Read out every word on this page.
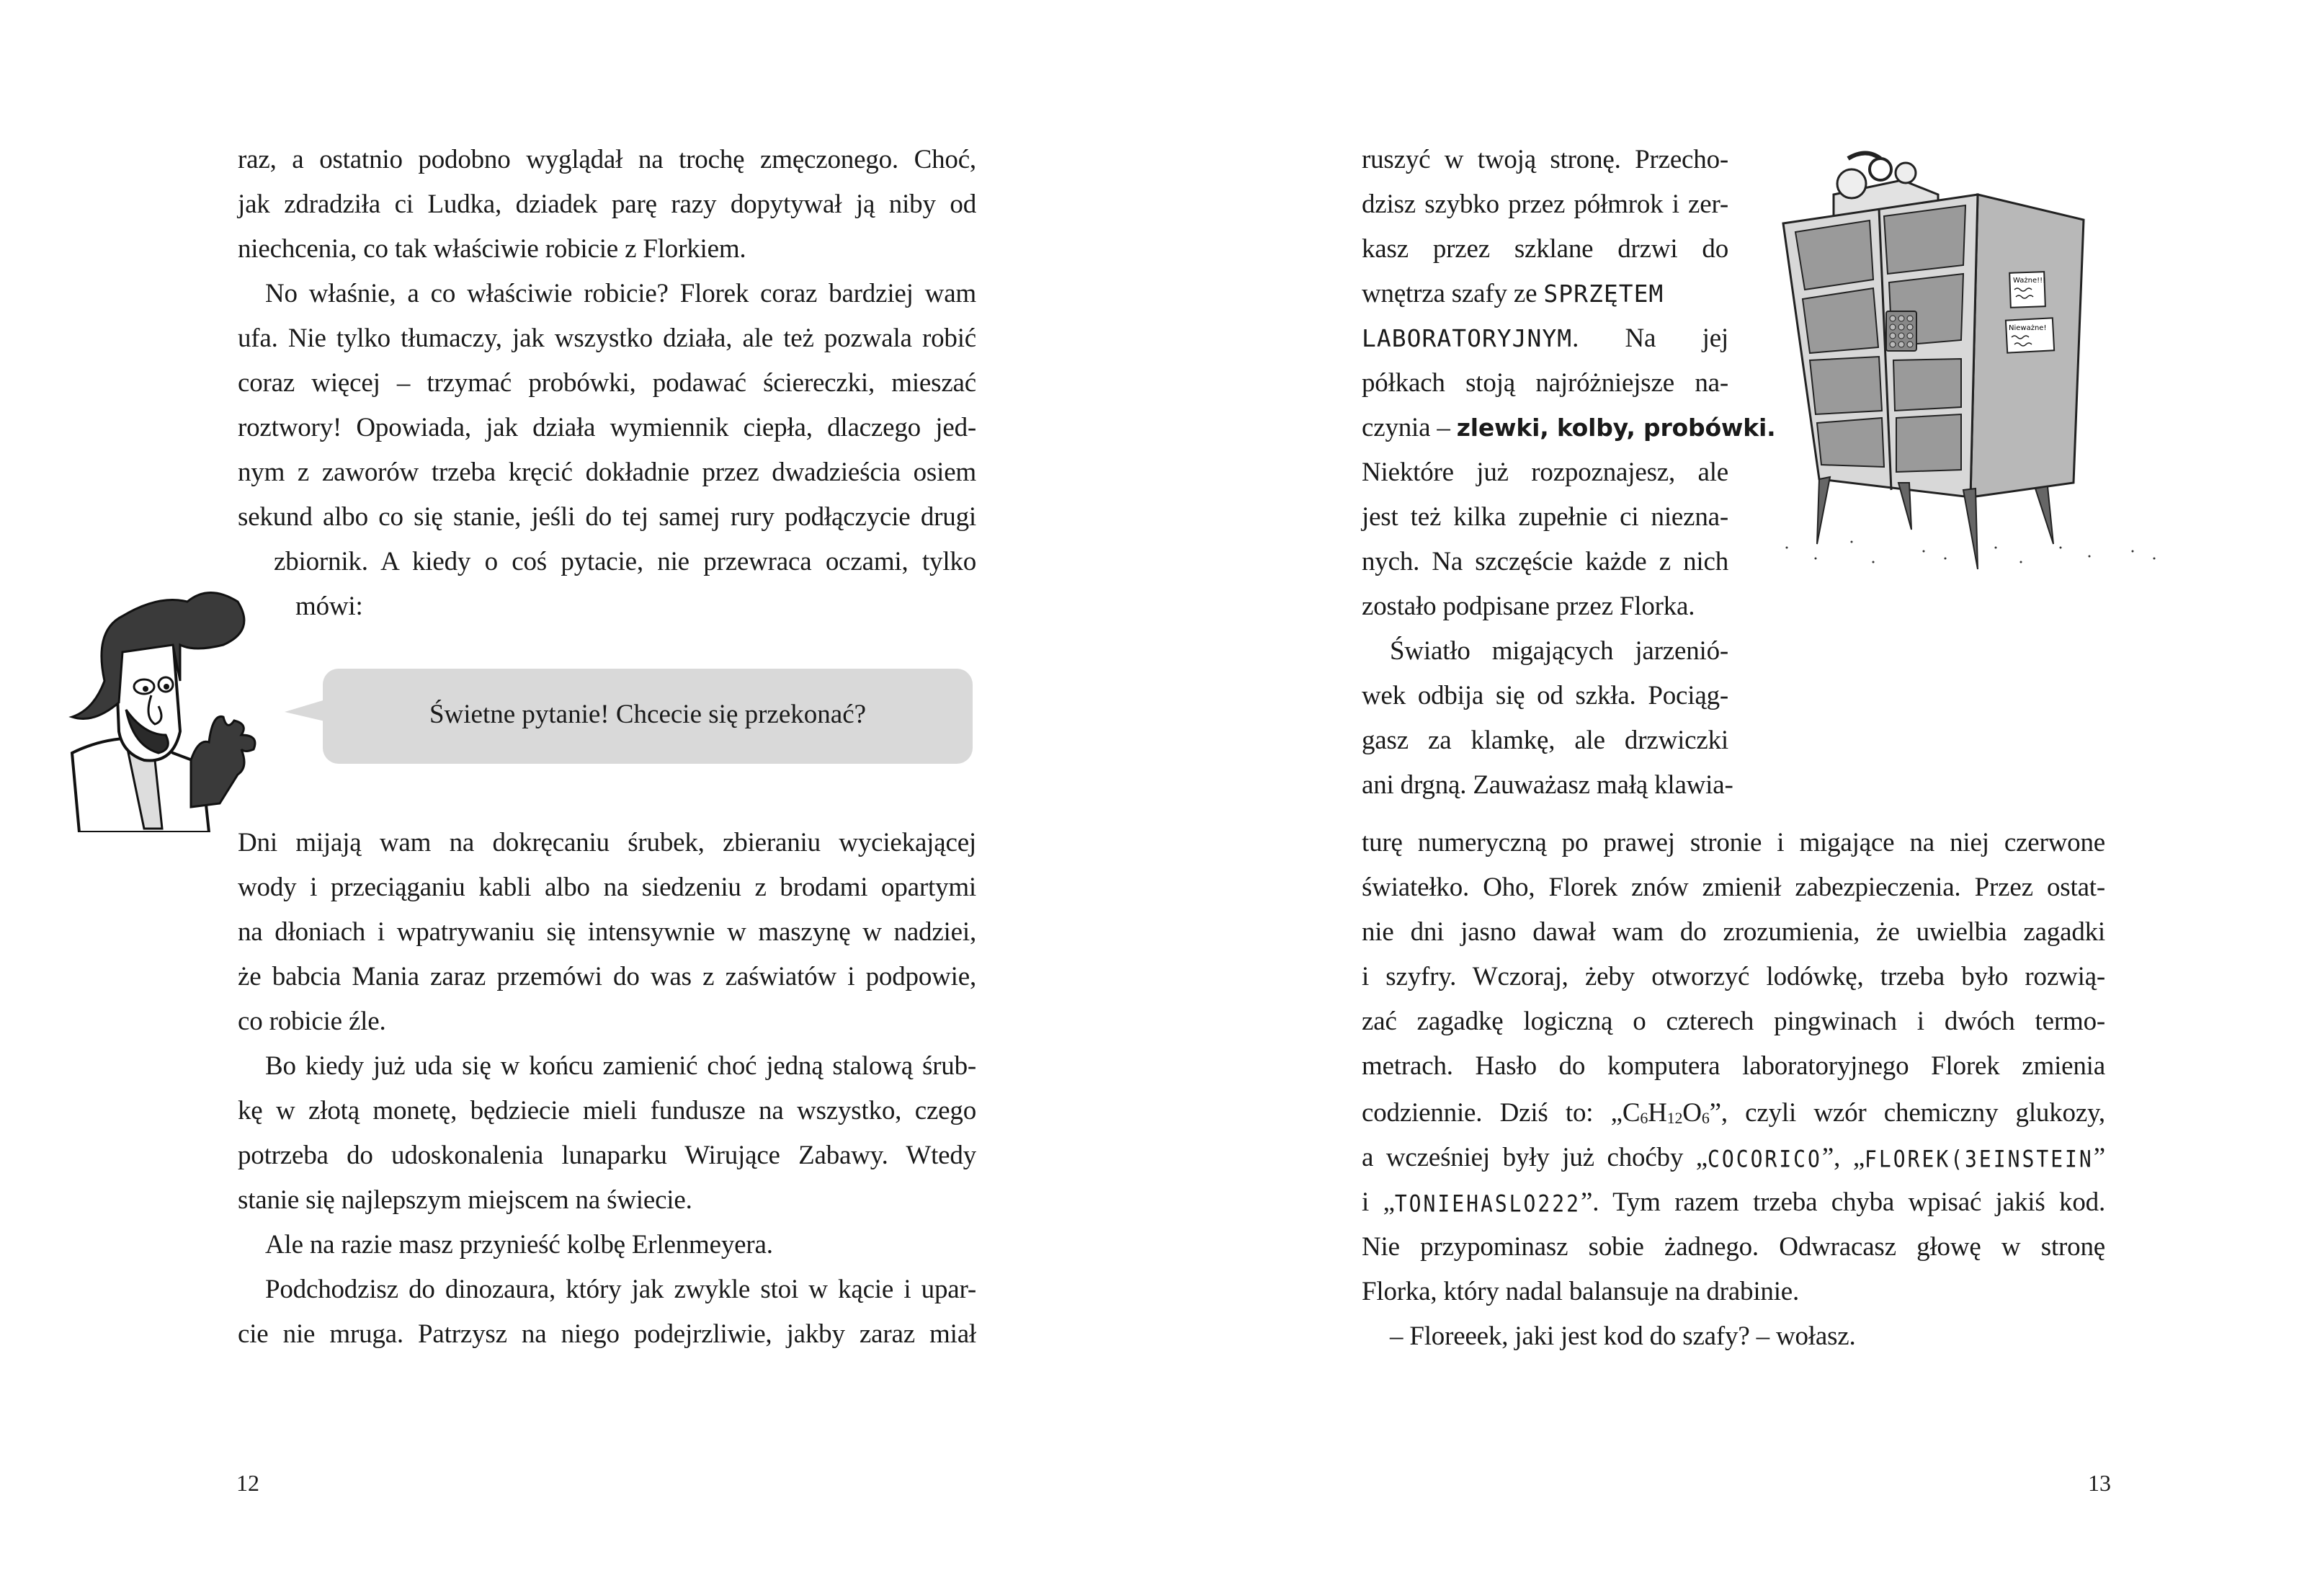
raz, a ostatnio podobno wyglądał na trochę zmęczonego. Choć,
jak zdradziła ci Ludka, dziadek parę razy dopytywał ją niby od
niechcenia, co tak właściwie robicie z Florkiem.
No właśnie, a co właściwie robicie? Florek coraz bardziej wam
ufa. Nie tylko tłumaczy, jak wszystko działa, ale też pozwala robić
coraz więcej – trzymać probówki, podawać ściereczki, mieszać
roztwory! Opowiada, jak działa wymiennik ciepła, dlaczego jed-
nym z zaworów trzeba kręcić dokładnie przez dwadzieścia osiem
sekund albo co się stanie, jeśli do tej samej rury podłączycie drugi
zbiornik. A kiedy o coś pytacie, nie przewraca oczami, tylko
mówi:
Świetne pytanie! Chcecie się przekonać?
Dni mijają wam na dokręcaniu śrubek, zbieraniu wyciekającej
wody i przeciąganiu kabli albo na siedzeniu z brodami opartymi
na dłoniach i wpatrywaniu się intensywnie w maszynę w nadziei,
że babcia Mania zaraz przemówi do was z zaświatów i podpowie,
co robicie źle.
Bo kiedy już uda się w końcu zamienić choć jedną stalową śrub-
kę w złotą monetę, będziecie mieli fundusze na wszystko, czego
potrzeba do udoskonalenia lunaparku Wirujące Zabawy. Wtedy
stanie się najlepszym miejscem na świecie.
Ale na razie masz przynieść kolbę Erlenmeyera.
Podchodzisz do dinozaura, który jak zwykle stoi w kącie i upar-
cie nie mruga. Patrzysz na niego podejrzliwie, jakby zaraz miał
12
ruszyć w twoją stronę. Przecho-
dzisz szybko przez półmrok i zer-
kasz przez szklane drzwi do
wnętrza szafy ze SPRZĘTEM
LABORATORYJNYM. Na jej
półkach stoją najróżniejsze na-
czynia – zlewki, kolby, probówki.
Niektóre już rozpoznajesz, ale
jest też kilka zupełnie ci niezna-
nych. Na szczęście każde z nich
zostało podpisane przez Florka.
Światło migających jarzenió-
wek odbija się od szkła. Pociąg-
gasz za klamkę, ale drzwiczki
ani drgną. Zauważasz małą klawia-
turę numeryczną po prawej stronie i migające na niej czerwone
światełko. Oho, Florek znów zmienił zabezpieczenia. Przez ostat-
nie dni jasno dawał wam do zrozumienia, że uwielbia zagadki
i szyfry. Wczoraj, żeby otworzyć lodówkę, trzeba było rozwią-
zać zagadkę logiczną o czterech pingwinach i dwóch termo-
metrach. Hasło do komputera laboratoryjnego Florek zmienia
codziennie. Dziś to: $„C_6H_{12}O_6$”, czyli wzór chemiczny glukozy,
a wcześniej były już choćby „COCORICO”, „FLOREK(3EINSTEIN”
i „TONIEHASLO222”. Tym razem trzeba chyba wpisać jakiś kod.
Nie przypominasz sobie żadnego. Odwracasz głowę w stronę
Florka, który nadal balansuje na drabinie.
– Floreeek, jaki jest kod do szafy? – wołasz.
Ważne!!!
Nieważne!
13
